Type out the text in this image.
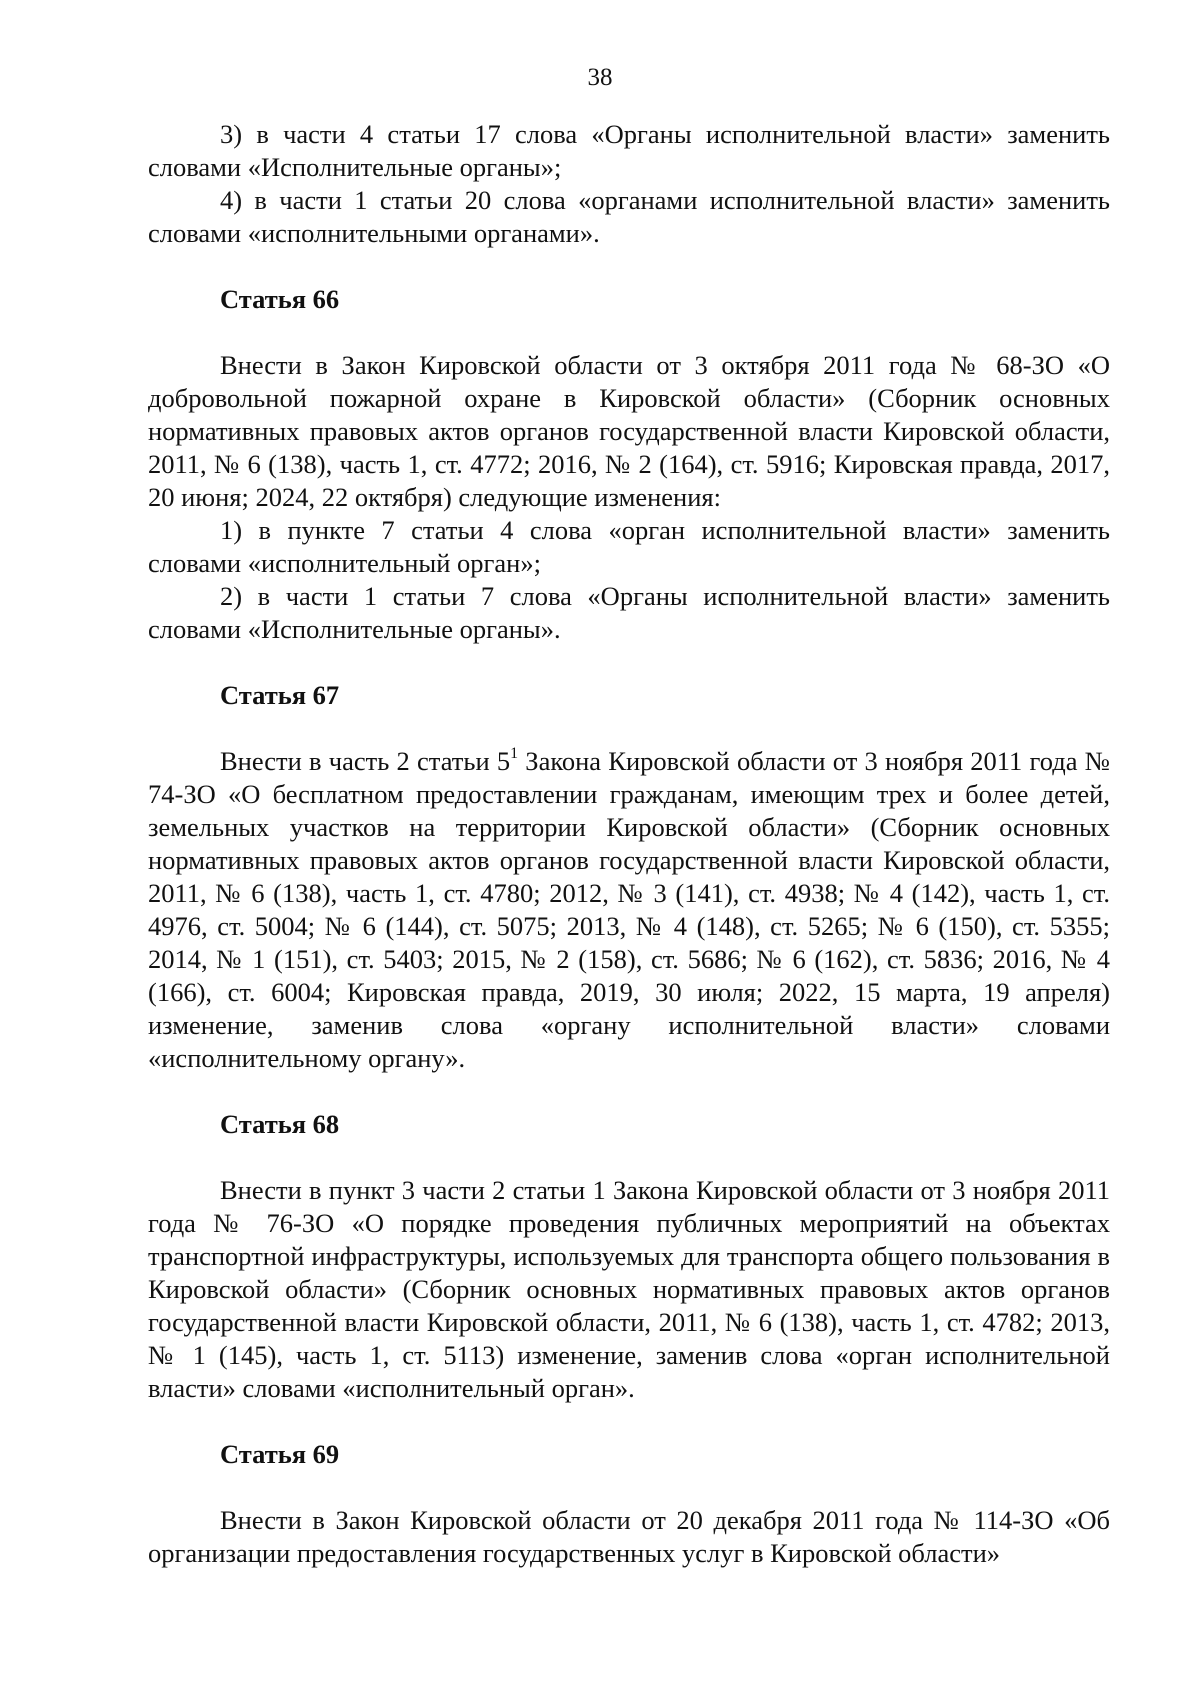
38

3) в части 4 статьи 17 слова «Органы исполнительной власти» заменить словами «Исполнительные органы»;

4) в части 1 статьи 20 слова «органами исполнительной власти» заменить словами «исполнительными органами».

Статья 66

Внести в Закон Кировской области от 3 октября 2011 года № 68-ЗО «О добровольной пожарной охране в Кировской области» (Сборник основных нормативных правовых актов органов государственной власти Кировской области, 2011, № 6 (138), часть 1, ст. 4772; 2016, № 2 (164), ст. 5916; Кировская правда, 2017, 20 июня; 2024, 22 октября) следующие изменения:

1) в пункте 7 статьи 4 слова «орган исполнительной власти» заменить словами «исполнительный орган»;

2) в части 1 статьи 7 слова «Органы исполнительной власти» заменить словами «Исполнительные органы».

Статья 67

Внести в часть 2 статьи $5^1$ Закона Кировской области от 3 ноября 2011 года № 74-ЗО «О бесплатном предоставлении гражданам, имеющим трех и более детей, земельных участков на территории Кировской области» (Сборник основных нормативных правовых актов органов государственной власти Кировской области, 2011, № 6 (138), часть 1, ст. 4780; 2012, № 3 (141), ст. 4938; № 4 (142), часть 1, ст. 4976, ст. 5004; № 6 (144), ст. 5075; 2013, № 4 (148), ст. 5265; № 6 (150), ст. 5355; 2014, № 1 (151), ст. 5403; 2015, № 2 (158), ст. 5686; № 6 (162), ст. 5836; 2016, № 4 (166), ст. 6004; Кировская правда, 2019, 30 июля; 2022, 15 марта, 19 апреля) изменение, заменив слова «органу исполнительной власти» словами «исполнительному органу».

Статья 68

Внести в пункт 3 части 2 статьи 1 Закона Кировской области от 3 ноября 2011 года № 76-ЗО «О порядке проведения публичных мероприятий на объектах транспортной инфраструктуры, используемых для транспорта общего пользования в Кировской области» (Сборник основных нормативных правовых актов органов государственной власти Кировской области, 2011, № 6 (138), часть 1, ст. 4782; 2013, № 1 (145), часть 1, ст. 5113) изменение, заменив слова «орган исполнительной власти» словами «исполнительный орган».

Статья 69

Внести в Закон Кировской области от 20 декабря 2011 года № 114-ЗО «Об организации предоставления государственных услуг в Кировской области»
